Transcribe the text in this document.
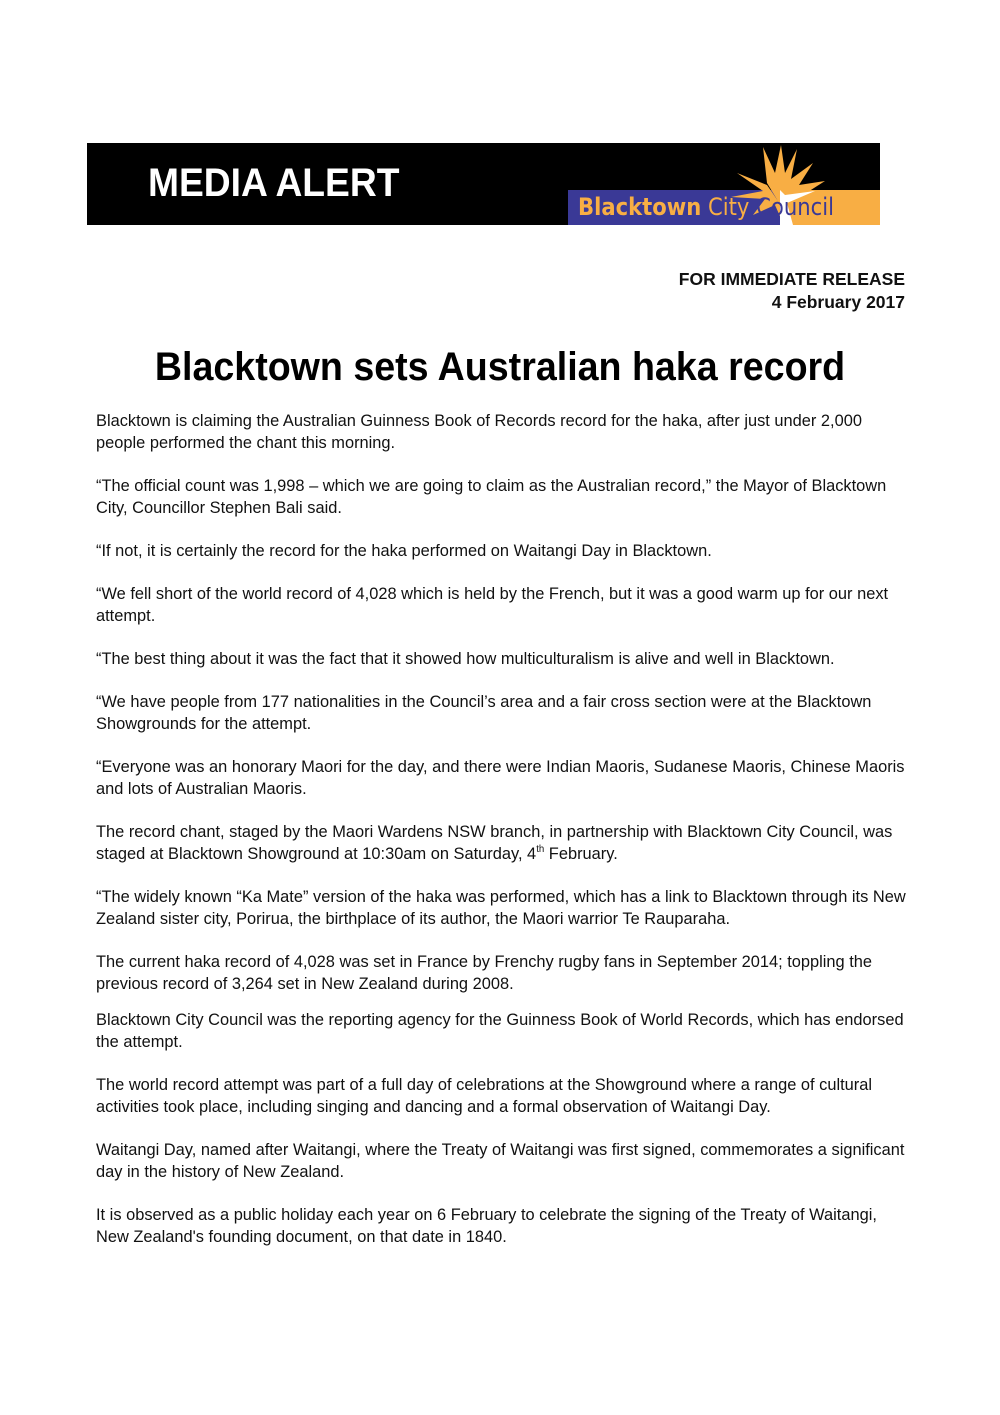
MEDIA ALERT
Blacktown City Council
FOR IMMEDIATE RELEASE
4 February 2017
Blacktown sets Australian haka record

Blacktown is claiming the Australian Guinness Book of Records record for the haka, after just under 2,000 people performed the chant this morning.

“The official count was 1,998 – which we are going to claim as the Australian record,” the Mayor of Blacktown City, Councillor Stephen Bali said.

“If not, it is certainly the record for the haka performed on Waitangi Day in Blacktown.

“We fell short of the world record of 4,028 which is held by the French, but it was a good warm up for our next attempt.

“The best thing about it was the fact that it showed how multiculturalism is alive and well in Blacktown.

“We have people from 177 nationalities in the Council’s area and a fair cross section were at the Blacktown Showgrounds for the attempt.

“Everyone was an honorary Maori for the day, and there were Indian Maoris, Sudanese Maoris, Chinese Maoris and lots of Australian Maoris.

The record chant, staged by the Maori Wardens NSW branch, in partnership with Blacktown City Council, was staged at Blacktown Showground at 10:30am on Saturday, 4th February.

“The widely known “Ka Mate” version of the haka was performed, which has a link to Blacktown through its New Zealand sister city, Porirua, the birthplace of its author, the Maori warrior Te Rauparaha.

The current haka record of 4,028 was set in France by Frenchy rugby fans in September 2014; toppling the previous record of 3,264 set in New Zealand during 2008.

Blacktown City Council was the reporting agency for the Guinness Book of World Records, which has endorsed the attempt.

The world record attempt was part of a full day of celebrations at the Showground where a range of cultural activities took place, including singing and dancing and a formal observation of Waitangi Day.

Waitangi Day, named after Waitangi, where the Treaty of Waitangi was first signed, commemorates a significant day in the history of New Zealand.

It is observed as a public holiday each year on 6 February to celebrate the signing of the Treaty of Waitangi, New Zealand's founding document, on that date in 1840.
